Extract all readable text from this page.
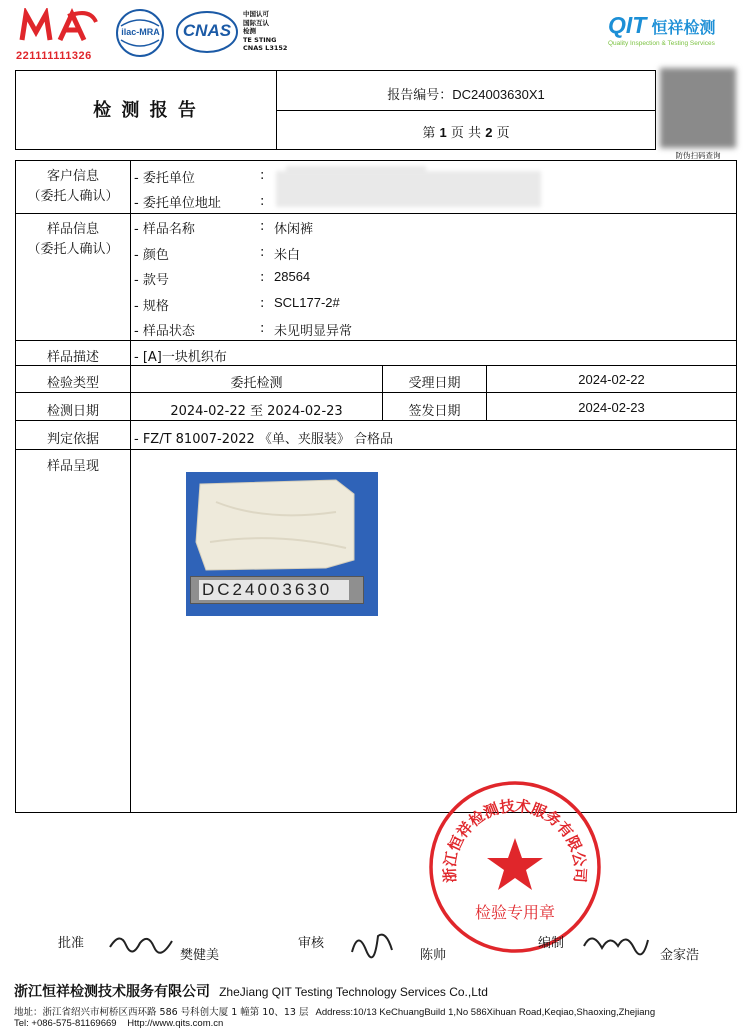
221111111326
ilac-MRA	CNAS
中国认可
国际互认
检测
TE STING
CNAS L3152
QIT 恒祥检测
Quality Inspection & Testing Services
检 测 报 告
报告编号：DC24003630X1
第 1 页 共 2 页
防伪扫码查询
客户信息
（委托人确认）
- 委托单位	:
- 委托单位地址	:
样品信息
（委托人确认）
- 样品名称	: 休闲裤
- 颜色	: 米白
- 款号	: 28564
- 规格	: SCL177-2#
- 样品状态	: 未见明显异常
样品描述	- [A]一块机织布
检验类型	委托检测	受理日期	2024-02-22
检测日期	2024-02-22 至 2024-02-23	签发日期	2024-02-23
判定依据	- FZ/T 81007-2022 《单、夹服装》 合格品
样品呈现
DC24003630
浙江恒祥检测技术服务有限公司
检验专用章
批准
樊健美
审核
陈帅
编制
金家浩
浙江恒祥检测技术服务有限公司 ZheJiang QIT Testing Technology Services Co.,Ltd
地址：浙江省绍兴市柯桥区西环路 586 号科创大厦 1 幢第 10、13 层 Address:10/13 KeChuangBuild 1,No 586Xihuan Road,Keqiao,Shaoxing,Zhejiang
Tel: +086-575-81169669 Http://www.qits.com.cn
